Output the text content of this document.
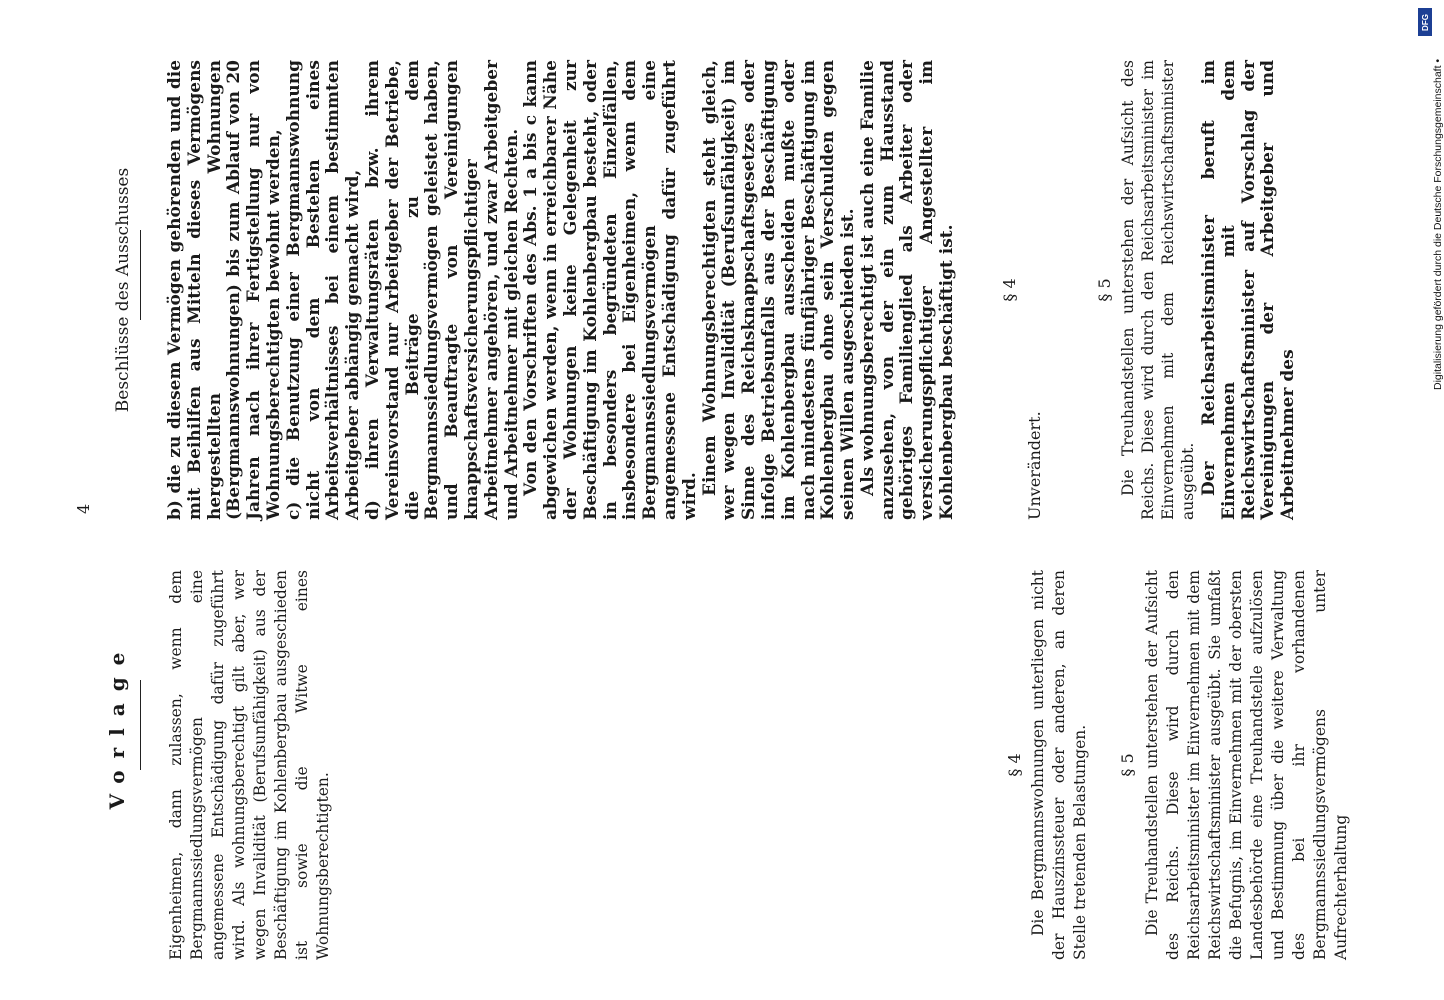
4
Vorlage Eigenheimen, dann zulassen, wenn dem Bergmannssiedlungsvermögen eine angemessene Entschädigung dafür zugeführt wird. Als wohnungsberechtigt gilt aber, wer wegen Invalidität (Berufsunfähigkeit) aus der Beschäftigung im Kohlenbergbau ausgeschieden ist sowie die Witwe eines Wohnungsberechtigten.
§ 4 Die Bergmannswohnungen unterliegen nicht der Hauszinssteuer oder anderen, an deren Stelle tretenden Belastungen. § 5 Die Treuhandstellen unterstehen der Aufsicht des Reichs. Diese wird durch den Reichsarbeitsminister im Einvernehmen mit dem Reichswirtschaftsminister ausgeübt. Sie umfaßt die Befugnis, im Einvernehmen mit der obersten Landesbehörde eine Treuhandstelle aufzulösen und Bestimmung über die weitere Verwaltung des bei ihr vorhandenen Bergmannssiedlungsvermögens unter Aufrechterhaltung
Beschlüsse des Ausschusses
b) die zu diesem Vermögen gehörenden und die mit Beihilfen aus Mitteln dieses Vermögens hergestellten Wohnungen (Bergmannswohnungen) bis zum Ablauf von 20 Jahren nach ihrer Fertigstellung nur von Wohnungsberechtigten bewohnt werden, c) die Benutzung einer Bergmannswohnung nicht von dem Bestehen eines Arbeitsverhältnisses bei einem bestimmten Arbeitgeber abhängig gemacht wird, d) ihren Verwaltungsräten bzw. ihrem Vereinsvorstand nur Arbeitgeber der Betriebe, die Beiträge zu dem Bergmannssiedlungsvermögen geleistet haben, und Beauftragte von Vereinigungen knappschaftsversicherungspflichtiger Arbeitnehmer angehören, und zwar Arbeitgeber und Arbeitnehmer mit gleichen Rechten. Von den Vorschriften des Abs. 1 a bis c kann abgewichen werden, wenn in erreichbarer Nähe der Wohnungen keine Gelegenheit zur Beschäftigung im Kohlenbergbau besteht, oder in besonders begründeten Einzelfällen, insbesondere bei Eigenheimen, wenn dem Bergmannssiedlungsvermögen eine angemessene Entschädigung dafür zugeführt wird.
Einem Wohnungsberechtigten steht gleich, wer wegen Invalidität (Berufsunfähigkeit) im Sinne des Reichsknappschaftsgesetzes oder infolge Betriebsunfalls aus der Beschäftigung im Kohlenbergbau ausscheiden mußte oder nach mindestens fünfjähriger Beschäftigung im Kohlenbergbau ohne sein Verschulden gegen seinen Willen ausgeschieden ist. Als wohnungsberechtigt ist auch eine Familie anzusehen, von der ein zum Hausstand gehöriges Familienglied als Arbeiter oder versicherungspflichtiger Angestellter im Kohlenbergbau beschäftigt ist.	§ 4
Unverändert.
§ 5 Die Treuhandstellen unterstehen der Aufsicht des Reichs. Diese wird durch den Reichsarbeitsminister im Einvernehmen mit dem Reichswirtschaftsminister ausgeübt. Der Reichsarbeitsminister beruft im Einvernehmen mit dem Reichswirtschaftsminister auf Vorschlag der Vereinigungen der Arbeitgeber und Arbeitnehmer des
DFG
Digitalisierung gefördert durch die Deutsche Forschungsgemeinschaft •
